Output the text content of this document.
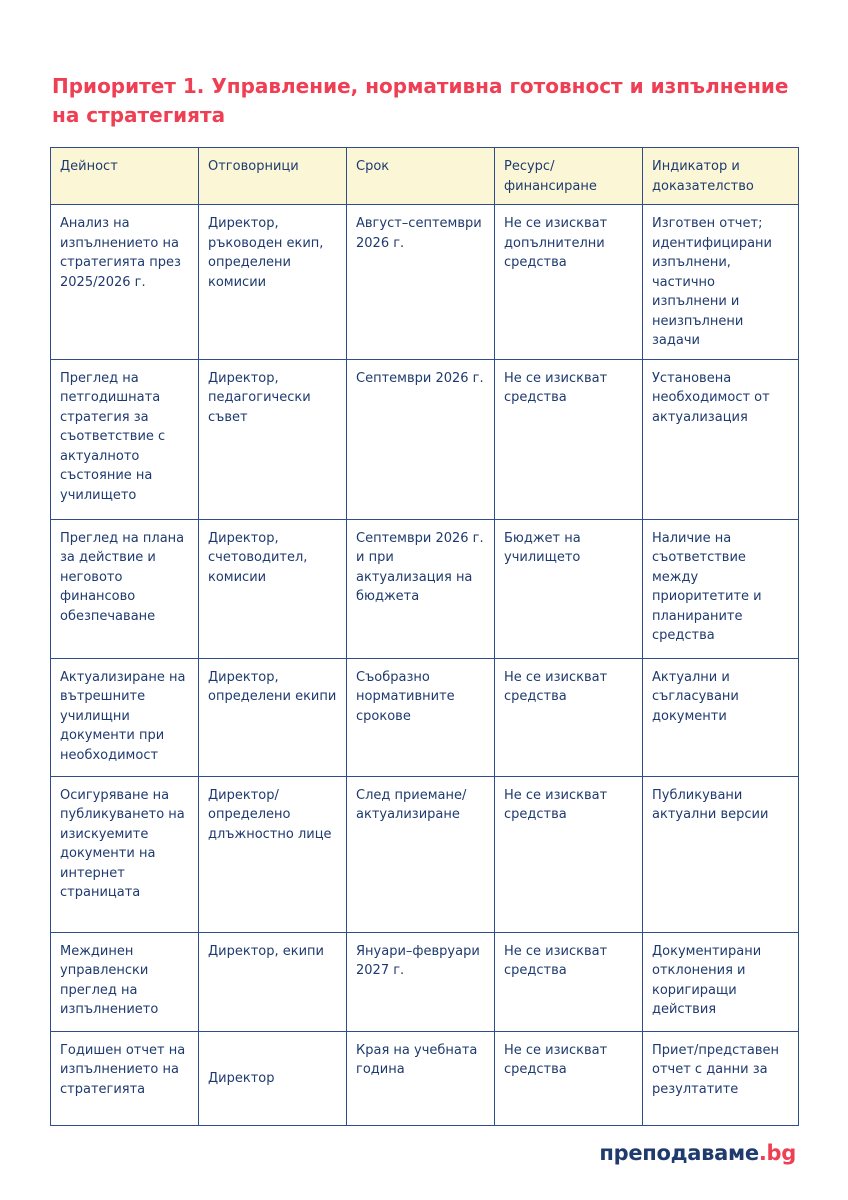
Приоритет 1. Управление, нормативна готовност и изпълнение на стратегията
Дейност	Отговорници	Срок	Ресурс/ финансиране	Индикатор и доказателство
Анализ на изпълнението на стратегията през 2025/2026 г.	Директор, ръководен екип, определени комисии	Август–септември 2026 г.	Не се изискват допълнителни средства	Изготвен отчет; идентифицирани изпълнени, частично изпълнени и неизпълнени задачи
Преглед на петгодишната стратегия за съответствие с актуалното състояние на училището	Директор, педагогически съвет	Септември 2026 г.	Не се изискват средства	Установена необходимост от актуализация
Преглед на плана за действие и неговото финансово обезпечаване	Директор, счетоводител, комисии	Септември 2026 г. и при актуализация на бюджета	Бюджет на училището	Наличие на съответствие между приоритетите и планираните средства
Актуализиране на вътрешните училищни документи при необходимост	Директор, определени екипи	Съобразно нормативните срокове	Не се изискват средства	Актуални и съгласувани документи
Осигуряване на публикуването на изискуемите документи на интернет страницата	Директор/ определено длъжностно лице	След приемане/ актуализиране	Не се изискват средства	Публикувани актуални версии
Междинен управленски преглед на изпълнението	Директор, екипи	Януари–февруари 2027 г.	Не се изискват средства	Документирани отклонения и коригиращи действия
Годишен отчет на изпълнението на стратегията	Директор	Края на учебната година	Не се изискват средства	Приет/представен отчет с данни за резултатите
преподаваме.bg
